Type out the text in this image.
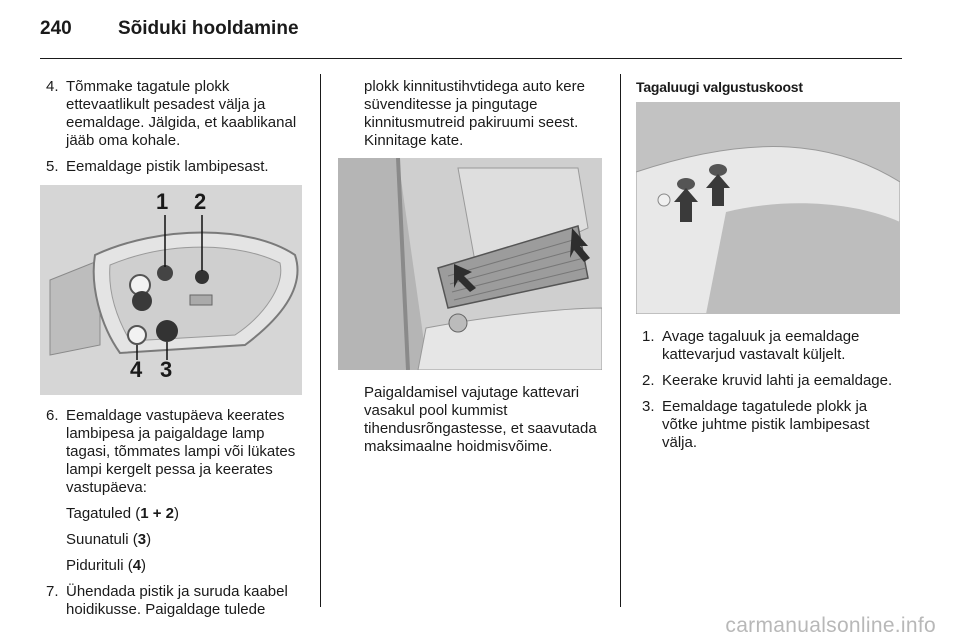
240 Sõiduki hooldamine
4. Tõmmake tagatule plokk ettevaatlikult pesadest välja ja eemaldage. Jälgida, et kaablikanal jääb oma kohale.
5. Eemaldage pistik lambipesast.
1 2
4 3
6. Eemaldage vastupäeva keerates lambipesa ja paigaldage lamp tagasi, tõmmates lampi või lükates lampi kergelt pessa ja keerates vastupäeva:
Tagatuled (1 + 2)
Suunatuli (3)
Pidurituli (4)
7. Ühendada pistik ja suruda kaabel hoidikusse. Paigaldage tulede
plokk kinnitustihvtidega auto kere süvenditesse ja pingutage kinnitusmutreid pakiruumi seest. Kinnitage kate.
Paigaldamisel vajutage kattevari vasakul pool kummist tihendusrõngastesse, et saavutada maksimaalne hoidmisvõime.
Tagaluugi valgustuskoost
1. Avage tagaluuk ja eemaldage kattevarjud vastavalt küljelt.
2. Keerake kruvid lahti ja eemaldage.
3. Eemaldage tagatulede plokk ja võtke juhtme pistik lambipesast välja.
carmanualsonline.info
